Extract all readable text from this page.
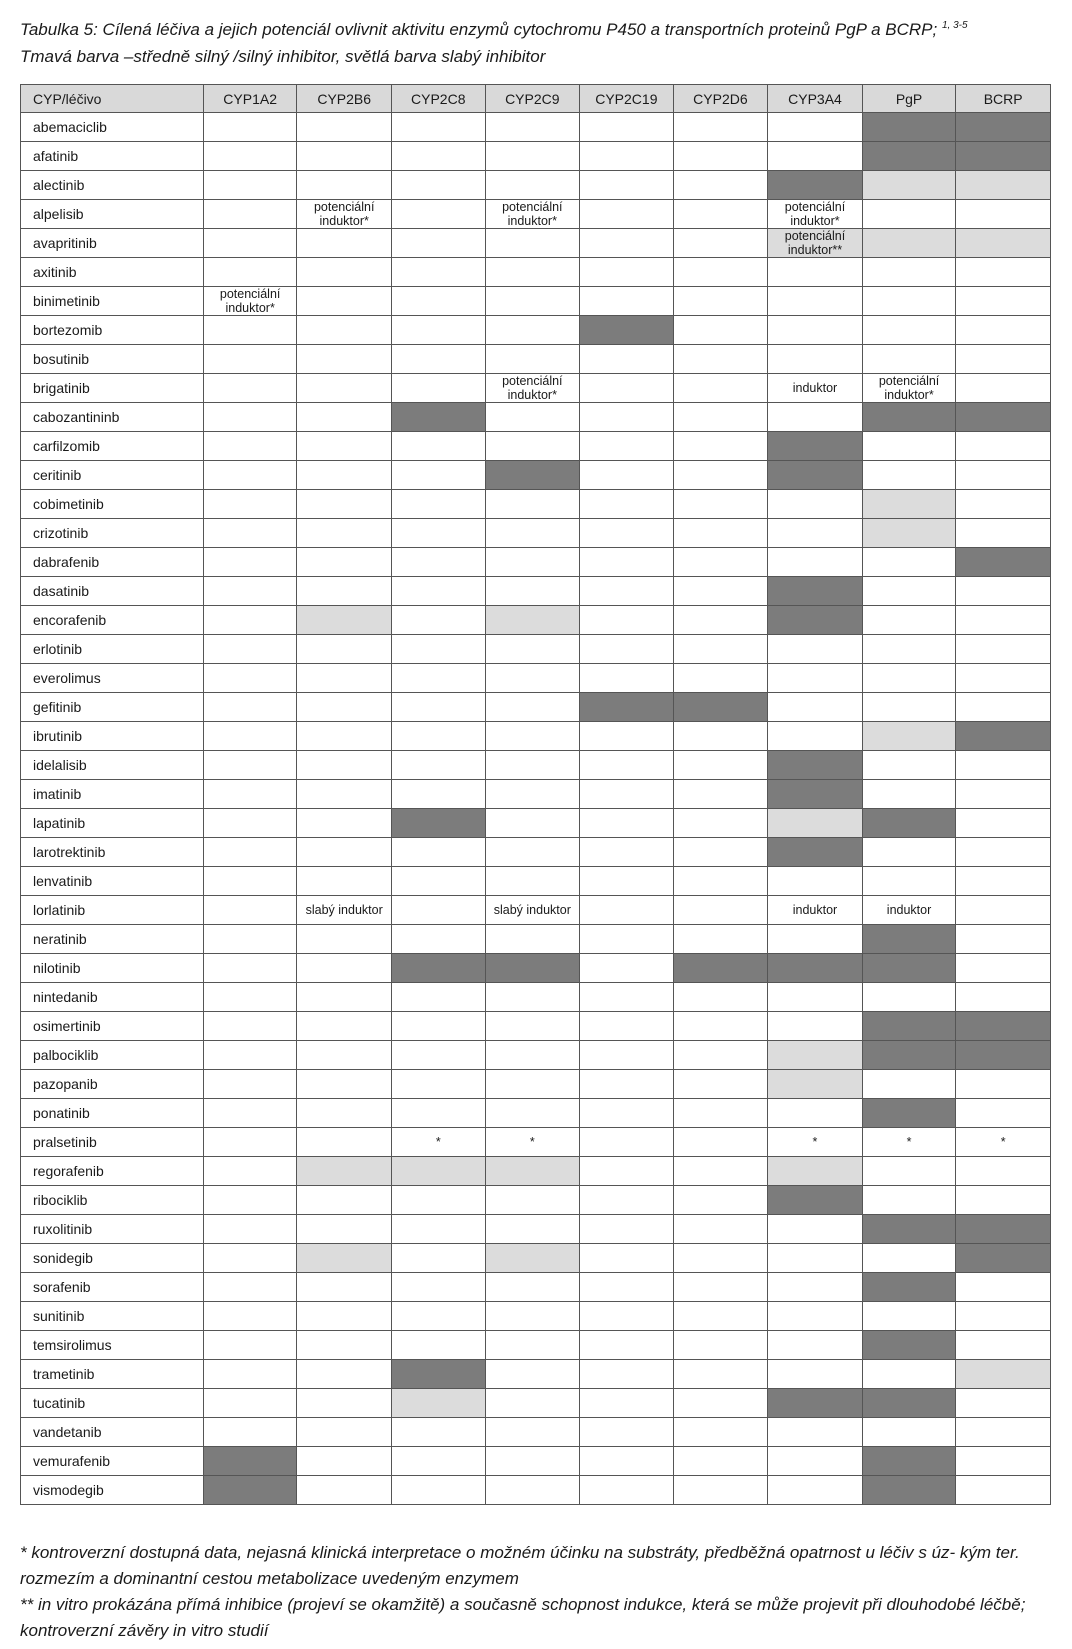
Tabulka 5: Cílená léčiva a jejich potenciál ovlivnit aktivitu enzymů cytochromu P450 a transportních proteinů PgP a BCRP; $^{1, 3-5}$
Tmavá barva –středně silný /silný inhibitor, světlá barva slabý inhibitor
CYP/léčivo	CYP1A2	CYP2B6	CYP2C8	CYP2C9	CYP2C19	CYP2D6	CYP3A4	PgP	BCRP
abemaciclib									
afatinib									
alectinib									
alpelisib		potenciální induktor*		potenciální induktor*			potenciální induktor*		
avapritinib							potenciální induktor**		
axitinib									
binimetinib	potenciální induktor*								
bortezomib									
bosutinib									
brigatinib				potenciální induktor*			induktor	potenciální induktor*	
cabozantininb									
carfilzomib									
ceritinib									
cobimetinib									
crizotinib									
dabrafenib									
dasatinib									
encorafenib									
erlotinib									
everolimus									
gefitinib									
ibrutinib									
idelalisib									
imatinib									
lapatinib									
larotrektinib									
lenvatinib									
lorlatinib		slabý induktor		slabý induktor			induktor	induktor	
neratinib									
nilotinib									
nintedanib									
osimertinib									
palbociklib									
pazopanib									
ponatinib									
pralsetinib			*	*			*	*	*
regorafenib									
ribociklib									
ruxolitinib									
sonidegib									
sorafenib									
sunitinib									
temsirolimus									
trametinib									
tucatinib									
vandetanib									
vemurafenib									
vismodegib									

* kontroverzní dostupná data, nejasná klinická interpretace o možném účinku na substráty, předběžná opatrnost u léčiv s úz- kým ter. rozmezím a dominantní cestou metabolizace uvedeným enzymem

** in vitro prokázána přímá inhibice (projeví se okamžitě) a současně schopnost indukce, která se může projevit při dlouhodobé léčbě; kontroverzní závěry in vitro studií
